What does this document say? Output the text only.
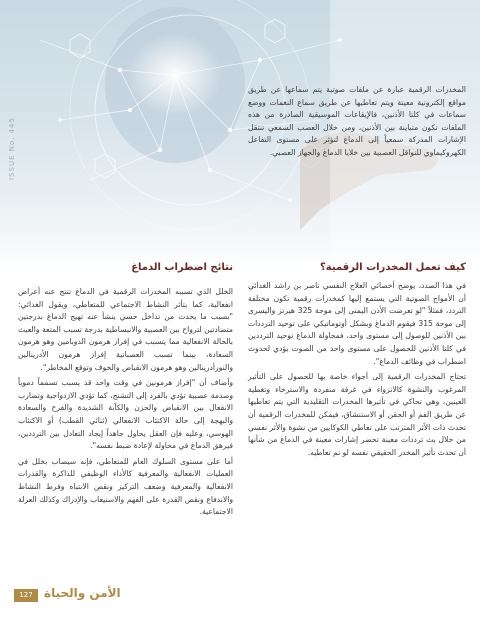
ISSUE No. 445

المخدرات الرقمية عبارة عن ملفات صوتية يتم سماعها عن طريق مواقع إلكترونية معينة ويتم تعاطيها عن طريق سماع النغمات ووضع سماعات في كلتا الأذنين، فالإيقاعات الموسيقية الصادرة من هذه الملفات تكون متباينة بين الأذنين، ومن خلال العصب السمعي تنتقل الإشارات المدركة سمعياً إلى الدماغ لتؤثر على مستوى التفاعل الكهروكيماوي للنواقل العصبية بين خلايا الدماغ والجهاز العصبي.

كيف تعمل المخدرات الرقمية؟

في هذا الصدد، يوضح أخصائي العلاج النفسي ناصر بن راشد الغدائي أن الأمواج الصوتية التي يستمع إليها كمخدرات رقمية تكون مختلفة التردد، فمثلاً "لو تعرضت الأذن اليمنى إلى موجة 325 هيرتز واليسرى إلى موجة 315 فيقوم الدماغ وبشكل أوتوماتيكي على توحيد الترددات بين الأذنين للوصول إلى مستوى واحد، فمحاولة الدماغ توحيد الترددين في كلتا الأذنين للحصول على مستوى واحد من الصوت يؤدي لحدوث اضطراب في وظائف الدماغ".

تحتاج المخدرات الرقمية إلى أجواء خاصة بها للحصول على التأثير المرغوب والنشوة كالانزواء في غرفة منفردة والاسترخاء وتغطية العينين، وهي تحاكي في تأثيرها المخدرات التقليدية التي يتم تعاطيها عن طريق الفم أو الحقن أو الاستنشاق، فيمكن للمخدرات الرقمية أن تحدث ذات الأثر المترتب على تعاطي الكوكايين من نشوة والأثر نفسي من خلال بث ترددات معينة تحضر إشارات معينة في الدماغ من شأنها أن تحدث تأثير المخدر الحقيقي نفسه لو تم تعاطيه.

نتائج اضطراب الدماغ

الخلل الذي تسببه المخدرات الرقمية في الدماغ تنتج عنه أعراض انفعالية، كما يتأثر النشاط الاجتماعي للمتعاطي، ويقول الغدائي: "بسبب ما يحدث من تداخل حسي ينشأ عنه تهيج الدماغ بدرجتين متضادتين لترواح بين العصبية والانبساطية بدرجة تسبب المتعة والعبث بالحالة الانفعالية مما يتسبب في إفراز هرمون الدوبامين وهو هرمون السعادة، بينما تسبب العصبانية إفراز هرمون الأدرينالين والنورأدرينالين وهو هرمون الانقباض والخوف وتوقع المخاطر".

وأضاف أن "إفراز هرمونين في وقت واحد قد يسبب تسمماً دموياً وصدمة عصبية تؤدي بالفرد إلى التشنج، كما تؤدي الازدواجية وتضارب الانفعال بين الانقباض والحزن والكآبة الشديدة والفرح والسعادة والبهجة إلى حالة الاكتئاب الانفعالي (ثنائي القطب) أو الاكتئاب الهوسي، وعليه فإن العقل يحاول جاهداً إيجاد التعادل بين الترددين، فيرهق الدماغ في محاولة لإعادة ضبط نفسه".

أما على مستوى السلوك العام للمتعاطي، فإنه سيصاب بخلل في العمليات الانفعالية والمعرفية كالأداء الوظيفي للذاكرة والقدرات الانفعالية والمعرفية وضعف التركيز ونقص الانتباه وفرط النشاط والاندفاع ونقص القدرة على الفهم والاستيعاب والإدراك وكذلك العزلة الاجتماعية.

127 الأمن والحياة
